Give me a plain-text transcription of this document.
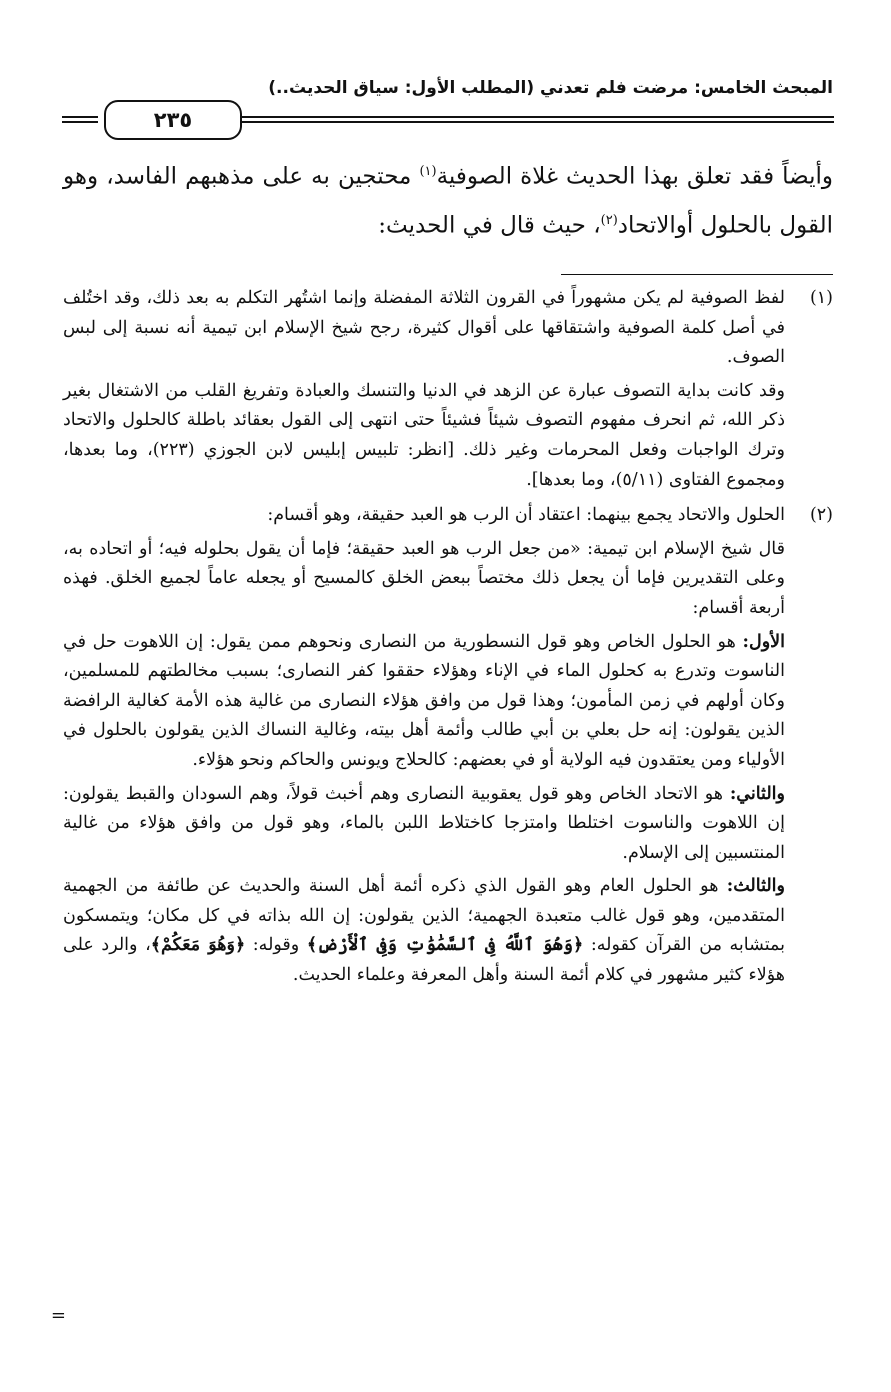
المبحث الخامس: مرضت فلم تعدني (المطلب الأول: سياق الحديث..)
٢٣٥

وأيضاً فقد تعلق بهذا الحديث غلاة الصوفية$^{(١)}$ محتجين به على مذهبهم الفاسد، وهو القول بالحلول أوالاتحاد$^{(٢)}$، حيث قال في الحديث:

(١)

لفظ الصوفية لم يكن مشهوراً في القرون الثلاثة المفضلة وإنما اشتُهر التكلم به بعد ذلك، وقد اختُلف في أصل كلمة الصوفية واشتقاقها على أقوال كثيرة، رجح شيخ الإسلام ابن تيمية أنه نسبة إلى لبس الصوف.

وقد كانت بداية التصوف عبارة عن الزهد في الدنيا والتنسك والعبادة وتفريغ القلب من الاشتغال بغير ذكر الله، ثم انحرف مفهوم التصوف شيئاً فشيئاً حتى انتهى إلى القول بعقائد باطلة كالحلول والاتحاد وترك الواجبات وفعل المحرمات وغير ذلك. [انظر: تلبيس إبليس لابن الجوزي (٢٢٣)، وما بعدها، ومجموع الفتاوى (٥/١١)، وما بعدها].

(٢)

الحلول والاتحاد يجمع بينهما: اعتقاد أن الرب هو العبد حقيقة، وهو أقسام:

قال شيخ الإسلام ابن تيمية: «من جعل الرب هو العبد حقيقة؛ فإما أن يقول بحلوله فيه؛ أو اتحاده به، وعلى التقديرين فإما أن يجعل ذلك مختصاً ببعض الخلق كالمسيح أو يجعله عاماً لجميع الخلق. فهذه أربعة أقسام:

الأول: هو الحلول الخاص وهو قول النسطورية من النصارى ونحوهم ممن يقول: إن اللاهوت حل في الناسوت وتدرع به كحلول الماء في الإناء وهؤلاء حققوا كفر النصارى؛ بسبب مخالطتهم للمسلمين، وكان أولهم في زمن المأمون؛ وهذا قول من وافق هؤلاء النصارى من غالية هذه الأمة كغالية الرافضة الذين يقولون: إنه حل بعلي بن أبي طالب وأئمة أهل بيته، وغالية النساك الذين يقولون بالحلول في الأولياء ومن يعتقدون فيه الولاية أو في بعضهم: كالحلاج ويونس والحاكم ونحو هؤلاء.

والثاني: هو الاتحاد الخاص وهو قول يعقوبية النصارى وهم أخبث قولاً، وهم السودان والقبط يقولون: إن اللاهوت والناسوت اختلطا وامتزجا كاختلاط اللبن بالماء، وهو قول من وافق هؤلاء من غالية المنتسبين إلى الإسلام.

والثالث: هو الحلول العام وهو القول الذي ذكره أئمة أهل السنة والحديث عن طائفة من الجهمية المتقدمين، وهو قول غالب متعبدة الجهمية؛ الذين يقولون: إن الله بذاته في كل مكان؛ ويتمسكون بمتشابه من القرآن كقوله: ﴿وَهُوَ ٱللَّهُ فِى ٱلسَّمَٰوَٰتِ وَفِى ٱلْأَرْضِ﴾ وقوله: ﴿وَهُوَ مَعَكُمْ﴾، والرد على هؤلاء كثير مشهور في كلام أئمة السنة وأهل المعرفة وعلماء الحديث.

=
